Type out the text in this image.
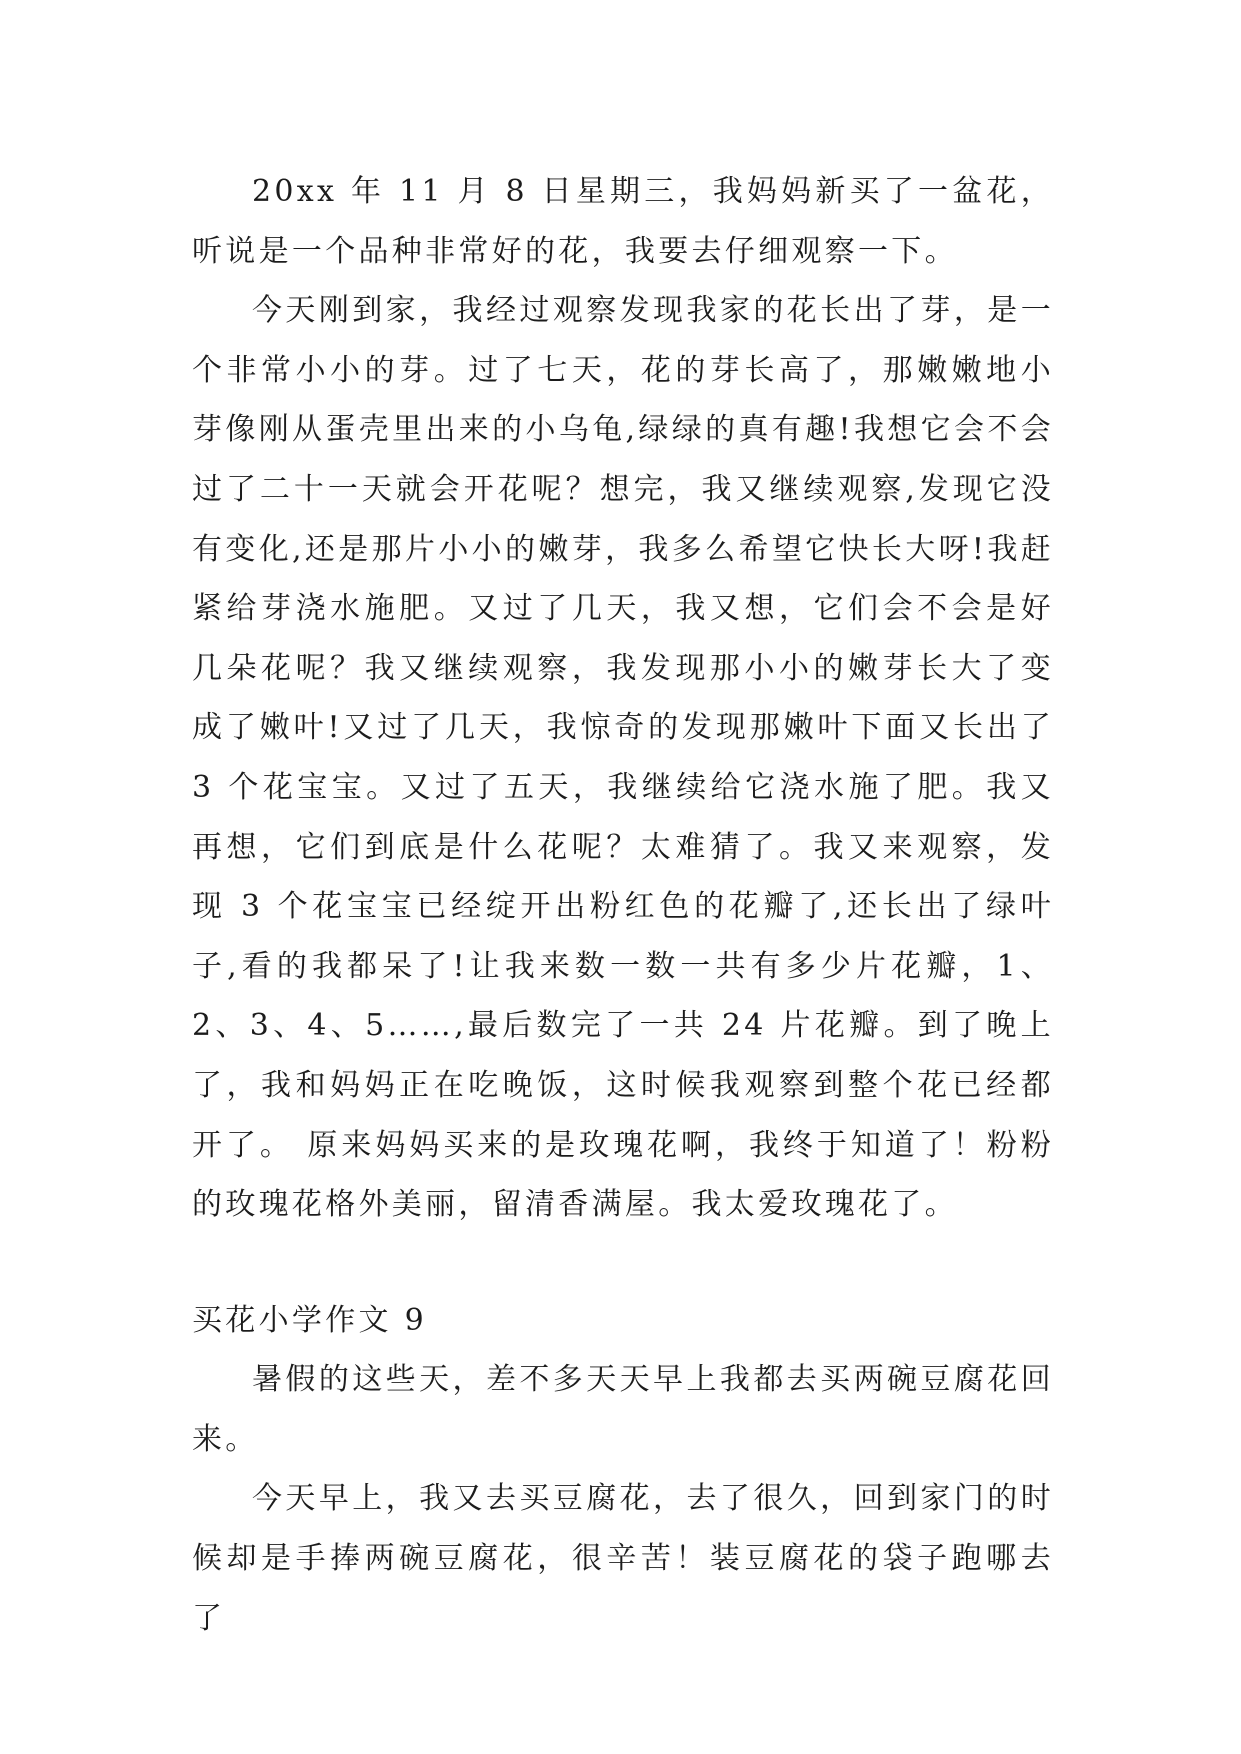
20xx 年 11 月 8 日星期三，我妈妈新买了一盆花，听说是一个品种非常好的花，我要去仔细观察一下。

今天刚到家，我经过观察发现我家的花长出了芽，是一个非常小小的芽。过了七天，花的芽长高了，那嫩嫩地小芽像刚从蛋壳里出来的小乌龟,绿绿的真有趣!我想它会不会过了二十一天就会开花呢？想完，我又继续观察,发现它没有变化,还是那片小小的嫩芽，我多么希望它快长大呀!我赶紧给芽浇水施肥。又过了几天，我又想，它们会不会是好几朵花呢？我又继续观察，我发现那小小的嫩芽长大了变成了嫩叶!又过了几天，我惊奇的发现那嫩叶下面又长出了 3 个花宝宝。又过了五天，我继续给它浇水施了肥。我又再想，它们到底是什么花呢？太难猜了。我又来观察，发现 3 个花宝宝已经绽开出粉红色的花瓣了,还长出了绿叶子,看的我都呆了!让我来数一数一共有多少片花瓣，1、2、3、4、5……,最后数完了一共 24 片花瓣。到了晚上了，我和妈妈正在吃晚饭，这时候我观察到整个花已经都开了。 原来妈妈买来的是玫瑰花啊，我终于知道了！粉粉的玫瑰花格外美丽，留清香满屋。我太爱玫瑰花了。

买花小学作文 9

暑假的这些天，差不多天天早上我都去买两碗豆腐花回来。

今天早上，我又去买豆腐花，去了很久，回到家门的时候却是手捧两碗豆腐花，很辛苦！装豆腐花的袋子跑哪去了
